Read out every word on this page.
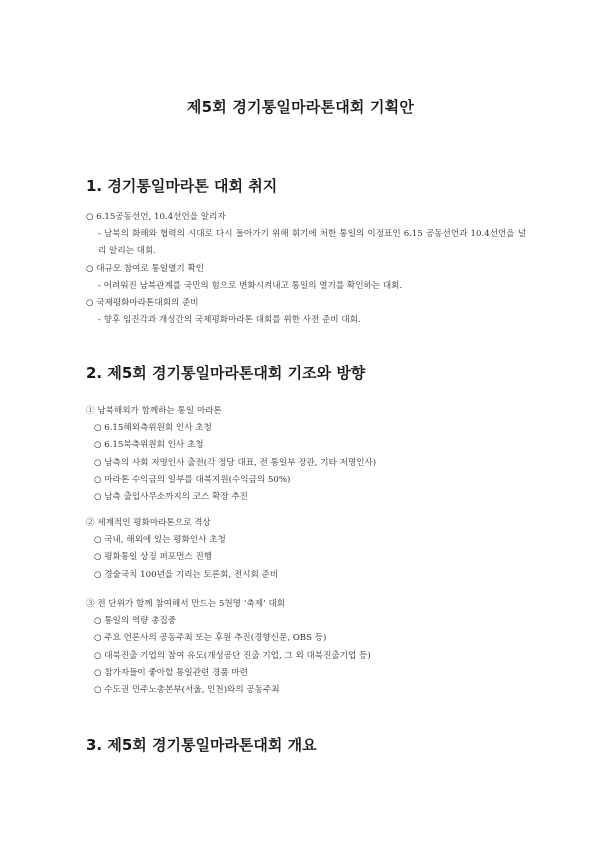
제5회 경기통일마라톤대회 기획안
1. 경기통일마라톤 대회 취지
○ 6.15공동선언, 10.4선언을 알리자
- 남북의 화해와 협력의 시대로 다시 돌아가기 위해 휘기에 처한 통일의 이정표인 6.15 공동선언과 10.4선언을 널리 알리는 대회.
○ 대규모 참여로 통일열기 확인
- 어려워진 남북관계를 국민의 힘으로 변화시켜내고 통일의 열기를 확인하는 대회.
○ 국제평화마라톤대회의 준비
- 향후 임진각과 개성간의 국제평화마라톤 대회를 위한 사전 준비 대회.
2. 제5회 경기통일마라톤대회 기조와 방향
① 남북해외가 함께하는 통일 마라톤
○ 6.15해외측위원회 인사 초청
○ 6.15북측위원회 인사 초청
○ 남측의 사회 저명인사 출전(각 정당 대표, 전 통일부 장관, 기타 저명인사)
○ 마라톤 수익금의 일부를 대북지원(수익금의 50%)
○ 남측 출입사무소까지의 코스 확장 추진
② 세계적인 평화마라톤으로 격상
○ 국내, 해외에 있는 평화인사 초청
○ 평화통일 상징 퍼포먼스 진행
○ 경술국치 100년을 기리는 토론회, 전시회 준비
③ 전 단위가 함께 참여해서 만드는 5천명 ‘축제’ 대회
○ 통일의 역량 총집중
○ 주요 언론사의 공동주최 또는 후원 추진(경향신문, OBS 등)
○ 대북진출 기업의 참여 유도(개성공단 진출 기업, 그 외 대북진출기업 등)
○ 참가자들이 좋아할 통일관련 경품 마련
○ 수도권 민주노총본부(서울, 인천)와의 공동주최
3. 제5회 경기통일마라톤대회 개요
